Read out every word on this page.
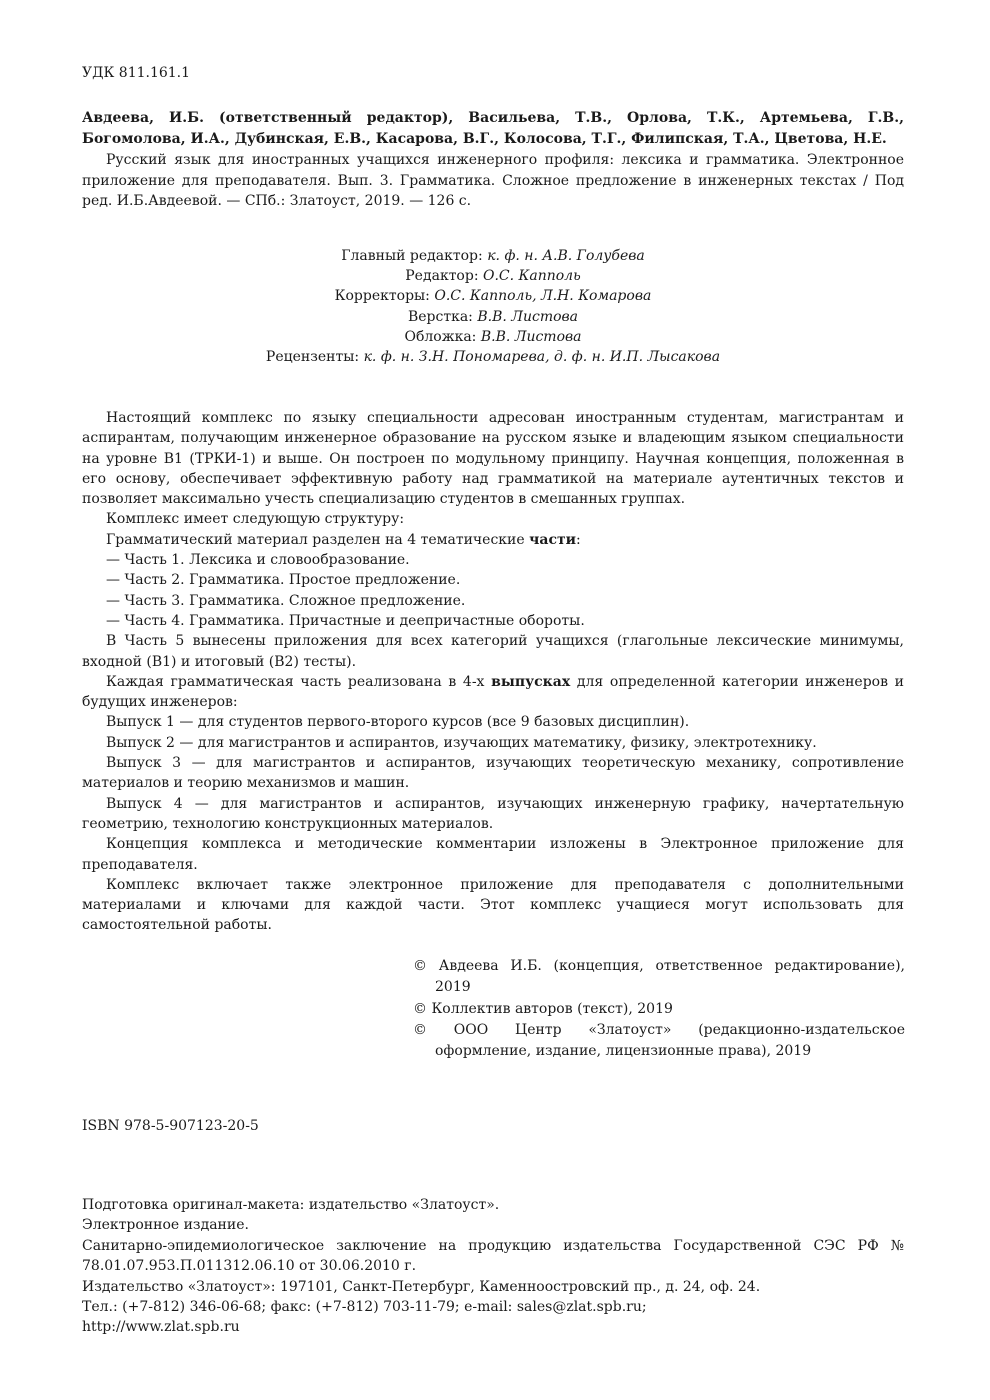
УДК 811.161.1

Авдеева, И.Б. (ответственный редактор), Васильева, Т.В., Орлова, Т.К., Артемьева, Г.В., Богомолова, И.А., Дубинская, Е.В., Касарова, В.Г., Колосова, Т.Г., Филипская, Т.А., Цветова, Н.Е.

Русский язык для иностранных учащихся инженерного профиля: лексика и грамматика. Электронное приложение для преподавателя. Вып. 3. Грамматика. Сложное предложение в инженерных текстах / Под ред. И.Б.Авдеевой. — СПб.: Златоуст, 2019. — 126 с.

Главный редактор: к. ф. н. А.В. Голубева
Редактор: О.С. Капполь
Корректоры: О.С. Капполь, Л.Н. Комарова
Верстка: В.В. Листова
Обложка: В.В. Листова
Рецензенты: к. ф. н. З.Н. Пономарева, д. ф. н. И.П. Лысакова

Настоящий комплекс по языку специальности адресован иностранным студентам, магистрантам и аспирантам, получающим инженерное образование на русском языке и владеющим языком специальности на уровне В1 (ТРКИ-1) и выше. Он построен по модульному принципу. Научная концепция, положенная в его основу, обеспечивает эффективную работу над грамматикой на материале аутентичных текстов и позволяет максимально учесть специализацию студентов в смешанных группах.

Комплекс имеет следующую структуру:

Грамматический материал разделен на 4 тематические части:

— Часть 1. Лексика и словообразование.

— Часть 2. Грамматика. Простое предложение.

— Часть 3. Грамматика. Сложное предложение.

— Часть 4. Грамматика. Причастные и деепричастные обороты.

В Часть 5 вынесены приложения для всех категорий учащихся (глагольные лексические минимумы, входной (В1) и итоговый (В2) тесты).

Каждая грамматическая часть реализована в 4-х выпусках для определенной категории инженеров и будущих инженеров:

Выпуск 1 — для студентов первого-второго курсов (все 9 базовых дисциплин).

Выпуск 2 — для магистрантов и аспирантов, изучающих математику, физику, электротехнику.

Выпуск 3 — для магистрантов и аспирантов, изучающих теоретическую механику, сопротивление материалов и теорию механизмов и машин.

Выпуск 4 — для магистрантов и аспирантов, изучающих инженерную графику, начертательную геометрию, технологию конструкционных материалов.

Концепция комплекса и методические комментарии изложены в Электронное приложение для преподавателя.

Комплекс включает также электронное приложение для преподавателя с дополнительными материалами и ключами для каждой части. Этот комплекс учащиеся могут использовать для самостоятельной работы.

© Авдеева И.Б. (концепция, ответственное редактирование), 2019

© Коллектив авторов (текст), 2019

© ООО Центр «Златоуст» (редакционно-издательское оформление, издание, лицензионные права), 2019

ISBN 978-5-907123-20-5

Подготовка оригинал-макета: издательство «Златоуст».

Электронное издание.

Санитарно-эпидемиологическое заключение на продукцию издательства Государственной СЭС РФ № 78.01.07.953.П.011312.06.10 от 30.06.2010 г.

Издательство «Златоуст»: 197101, Санкт-Петербург, Каменноостровский пр., д. 24, оф. 24.

Тел.: (+7-812) 346-06-68; факс: (+7-812) 703-11-79; e-mail: sales@zlat.spb.ru;

http://www.zlat.spb.ru
